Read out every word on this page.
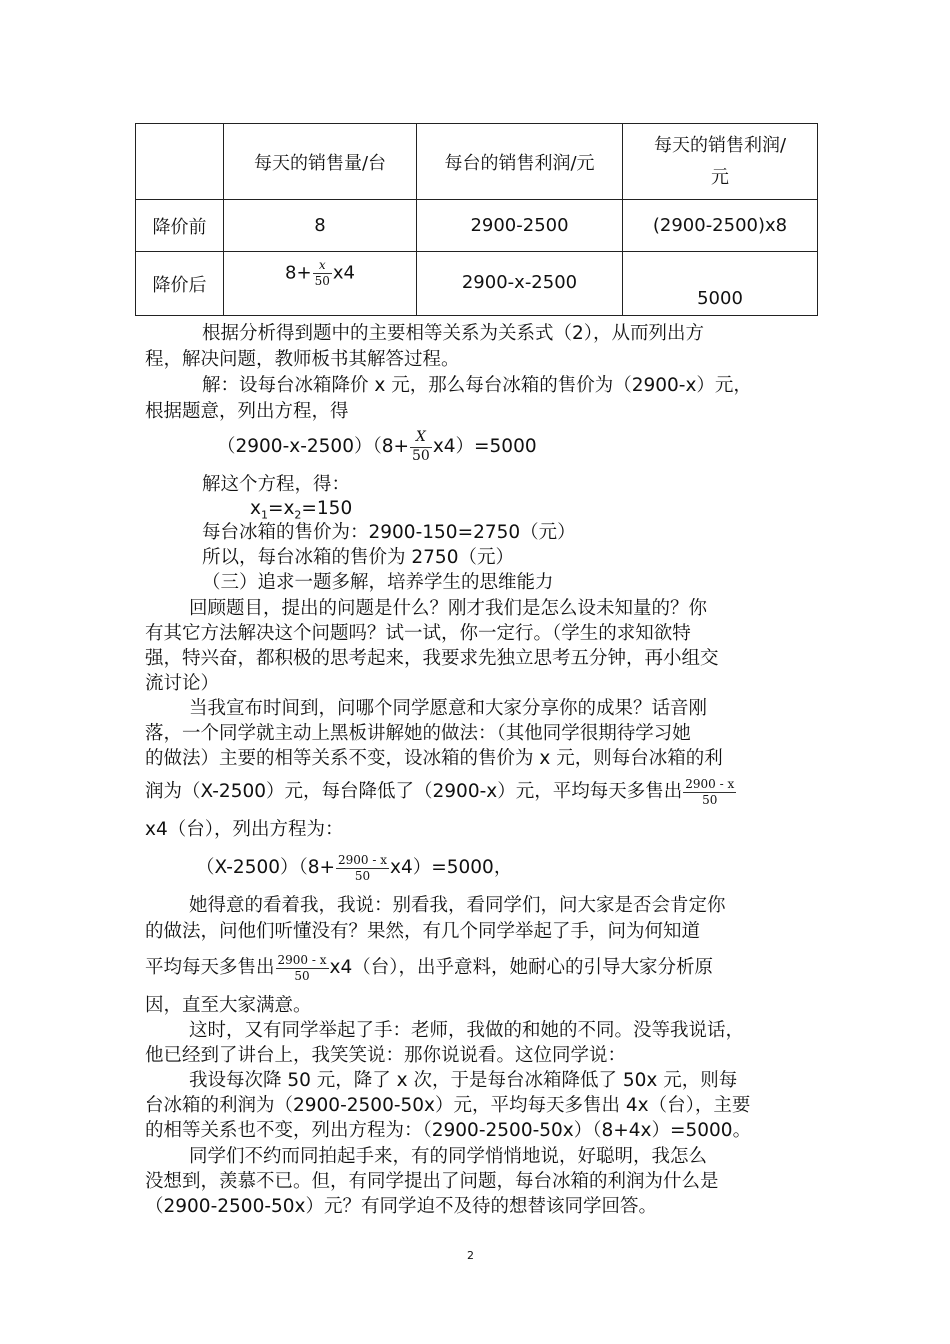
	每天的销售量/台	每台的销售利润/元	每天的销售利润/
元

降价前	8	2900-2500	(2900-2500)x8
降价后	$8+ \frac{x}{50} x4$	2900-x-2500	5000
根据分析得到题中的主要相等关系为关系式（2），从而列出方
程，解决问题，教师板书其解答过程。
解：设每台冰箱降价 x 元，那么每台冰箱的售价为（2900-x）元，
根据题意，列出方程，得
$(2900-x-2500)(8+ \frac{X}{50} x4)=5000$
解这个方程，得：
$x_1=x_2=150$
每台冰箱的售价为：2900-150=2750（元）
所以，每台冰箱的售价为 2750（元）
（三）追求一题多解，培养学生的思维能力
回顾题目，提出的问题是什么？刚才我们是怎么设未知量的？你
有其它方法解决这个问题吗？试一试，你一定行。（学生的求知欲特
强，特兴奋，都积极的思考起来，我要求先独立思考五分钟，再小组交
流讨论）
当我宣布时间到，问哪个同学愿意和大家分享你的成果？话音刚
落，一个同学就主动上黑板讲解她的做法：（其他同学很期待学习她
的做法）主要的相等关系不变，设冰箱的售价为 x 元，则每台冰箱的利
润为（X-2500）元，每台降低了（2900-x）元，平均每天多售出 $\frac{2900 - x}{50}$
x4（台），列出方程为：
$(X-2500)(8+ \frac{2900 - x}{50} x4)=5000$，
她得意的看着我，我说：别看我，看同学们，问大家是否会肯定你
的做法，问他们听懂没有？果然，有几个同学举起了手，问为何知道
平均每天多售出 $\frac{2900 - x}{50} x4$（台），出乎意料，她耐心的引导大家分析原
因，直至大家满意。
这时，又有同学举起了手：老师，我做的和她的不同。没等我说话，
他已经到了讲台上，我笑笑说：那你说说看。这位同学说：
我设每次降 50 元，降了 x 次，于是每台冰箱降低了 50x 元，则每
台冰箱的利润为（2900-2500-50x）元，平均每天多售出 4x（台），主要
的相等关系也不变，列出方程为：（2900-2500-50x）（8+4x）=5000。
同学们不约而同拍起手来，有的同学悄悄地说，好聪明，我怎么
没想到，羡慕不已。但，有同学提出了问题，每台冰箱的利润为什么是
（2900-2500-50x）元？有同学迫不及待的想替该同学回答。
2
